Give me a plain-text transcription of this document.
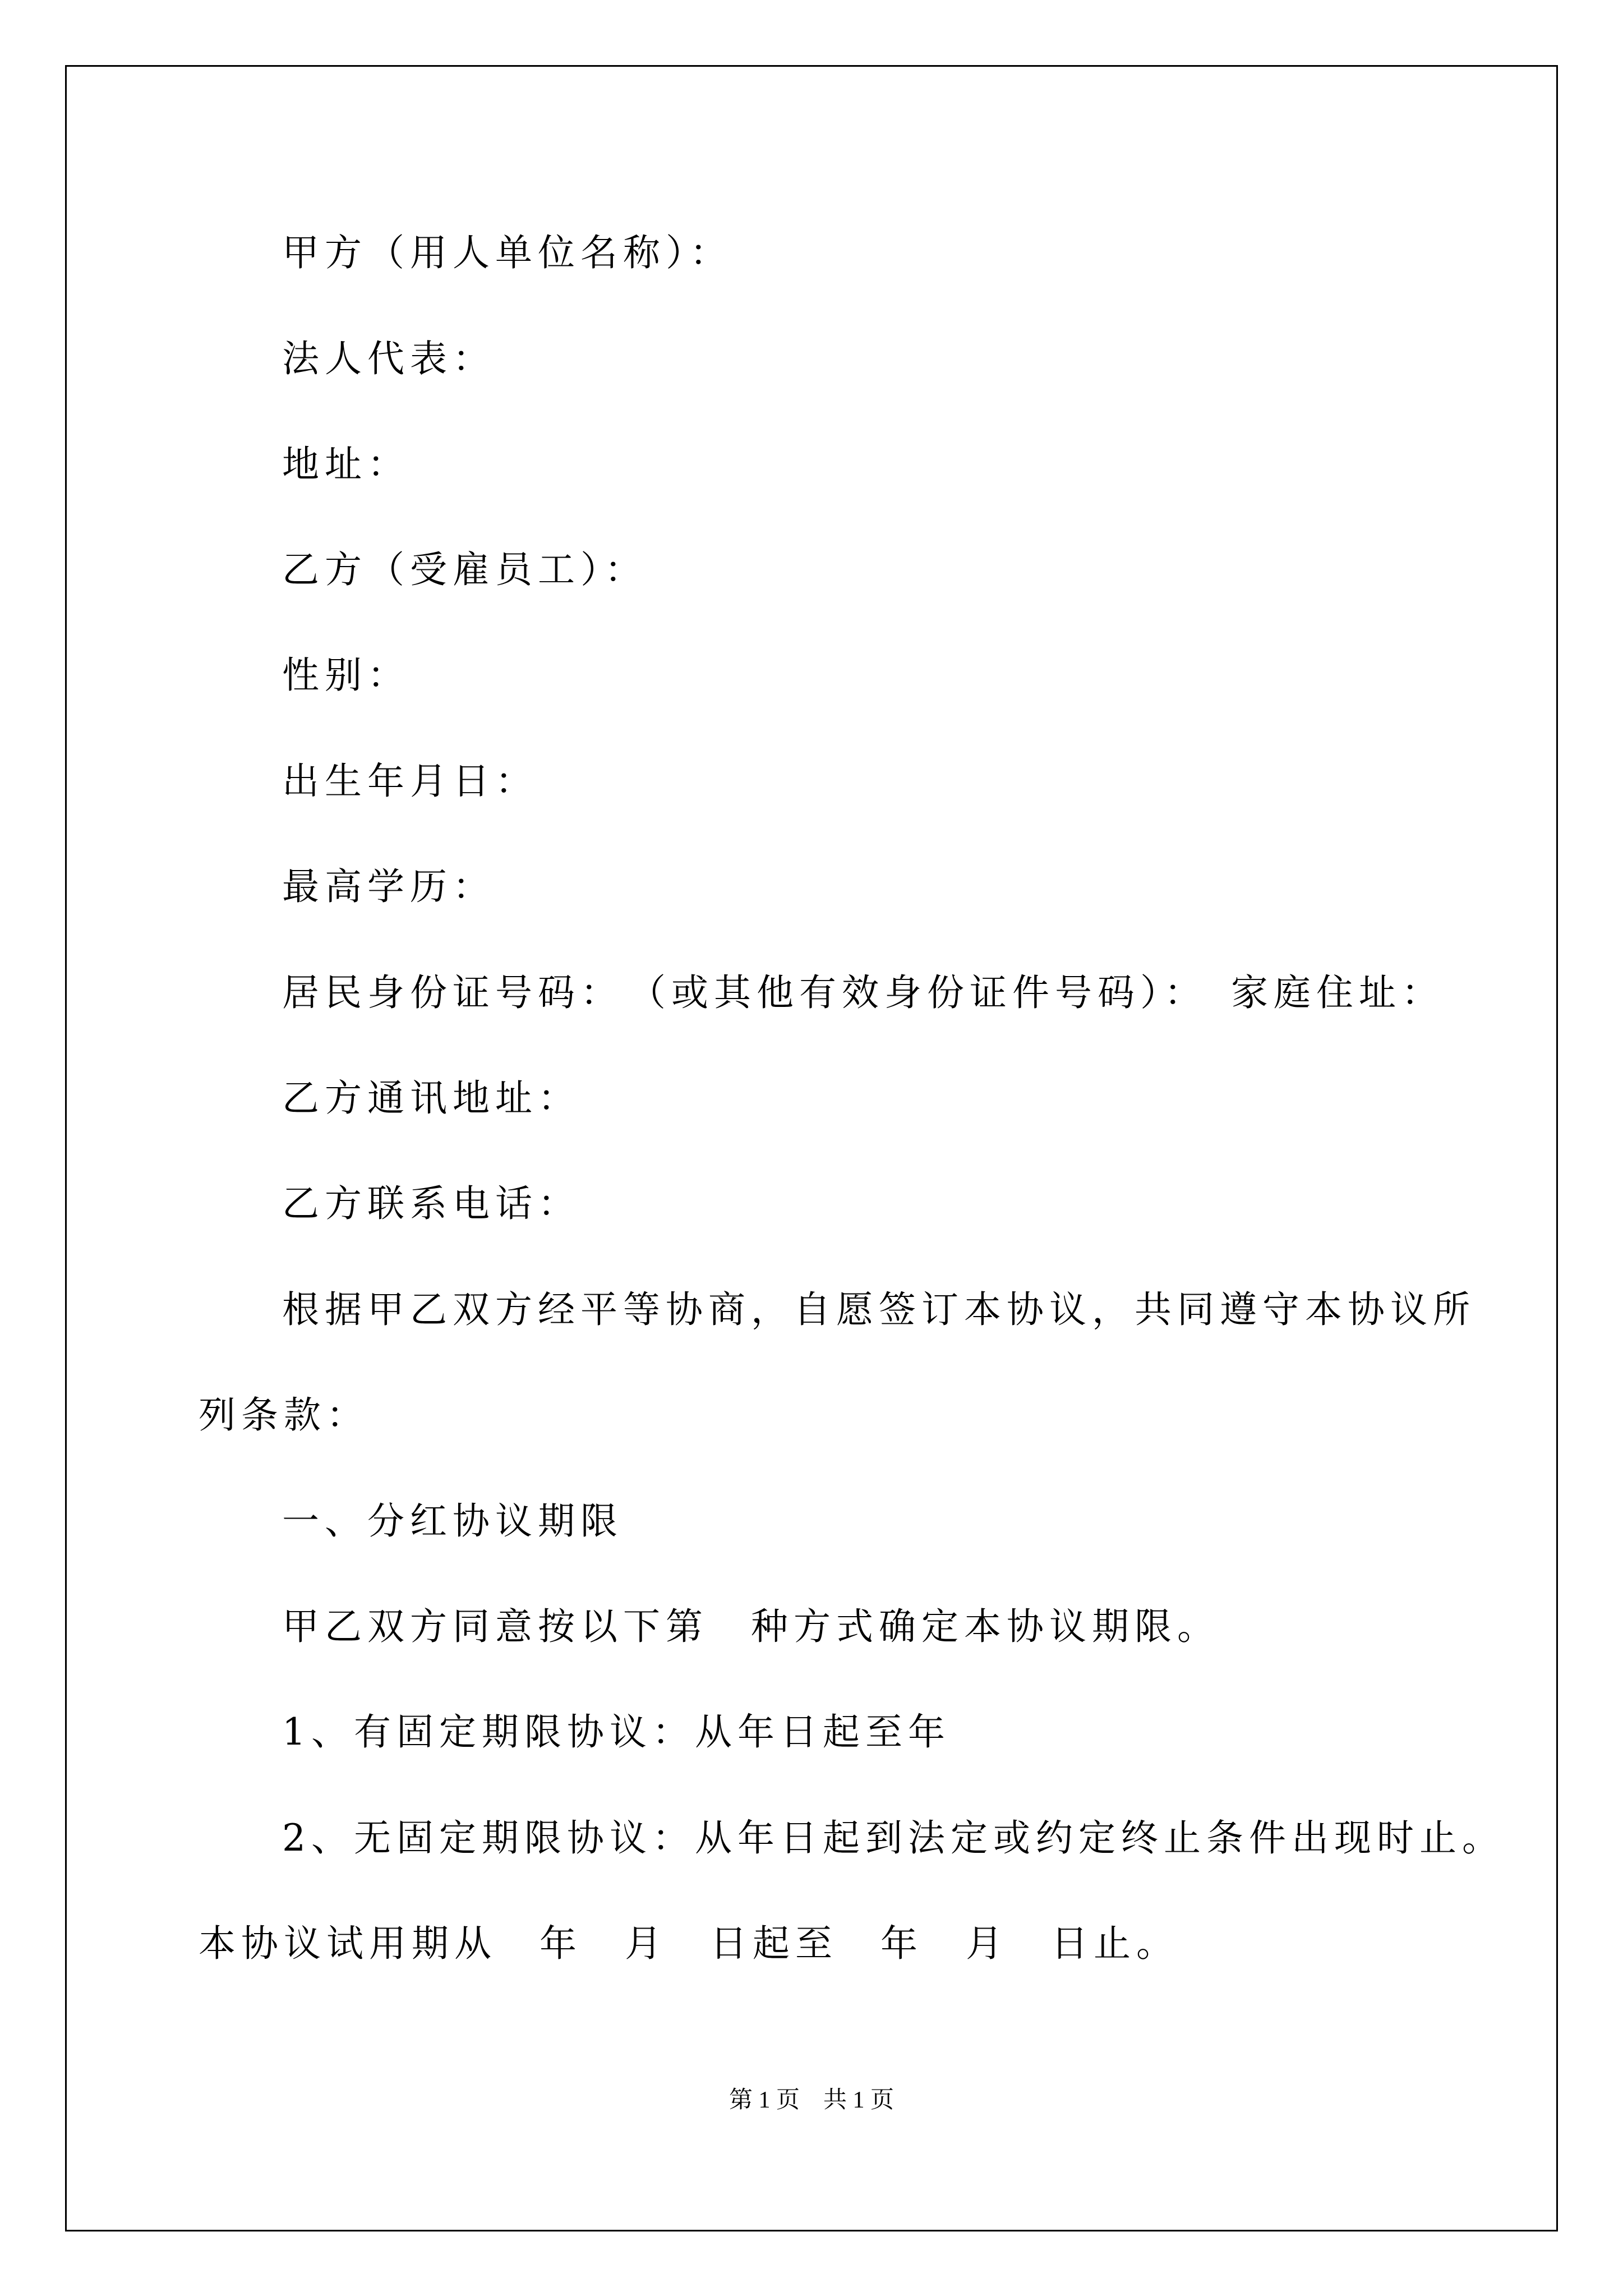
甲方（用人单位名称）：
法人代表：
地址：
乙方（受雇员工）：
性别：
出生年月日：
最高学历：
居民身份证号码：　（或其他有效身份证件号码）：　家庭住址：
乙方通讯地址：
乙方联系电话：
根据甲乙双方经平等协商，自愿签订本协议，共同遵守本协议所
列条款：
一、分红协议期限
甲乙双方同意按以下第　种方式确定本协议期限。
1、有固定期限协议：从年日起至年
2、无固定期限协议：从年日起到法定或约定终止条件出现时止。
本协议试用期从　年　月　日起至　年　月　日止。
第 1 页　共 1 页
